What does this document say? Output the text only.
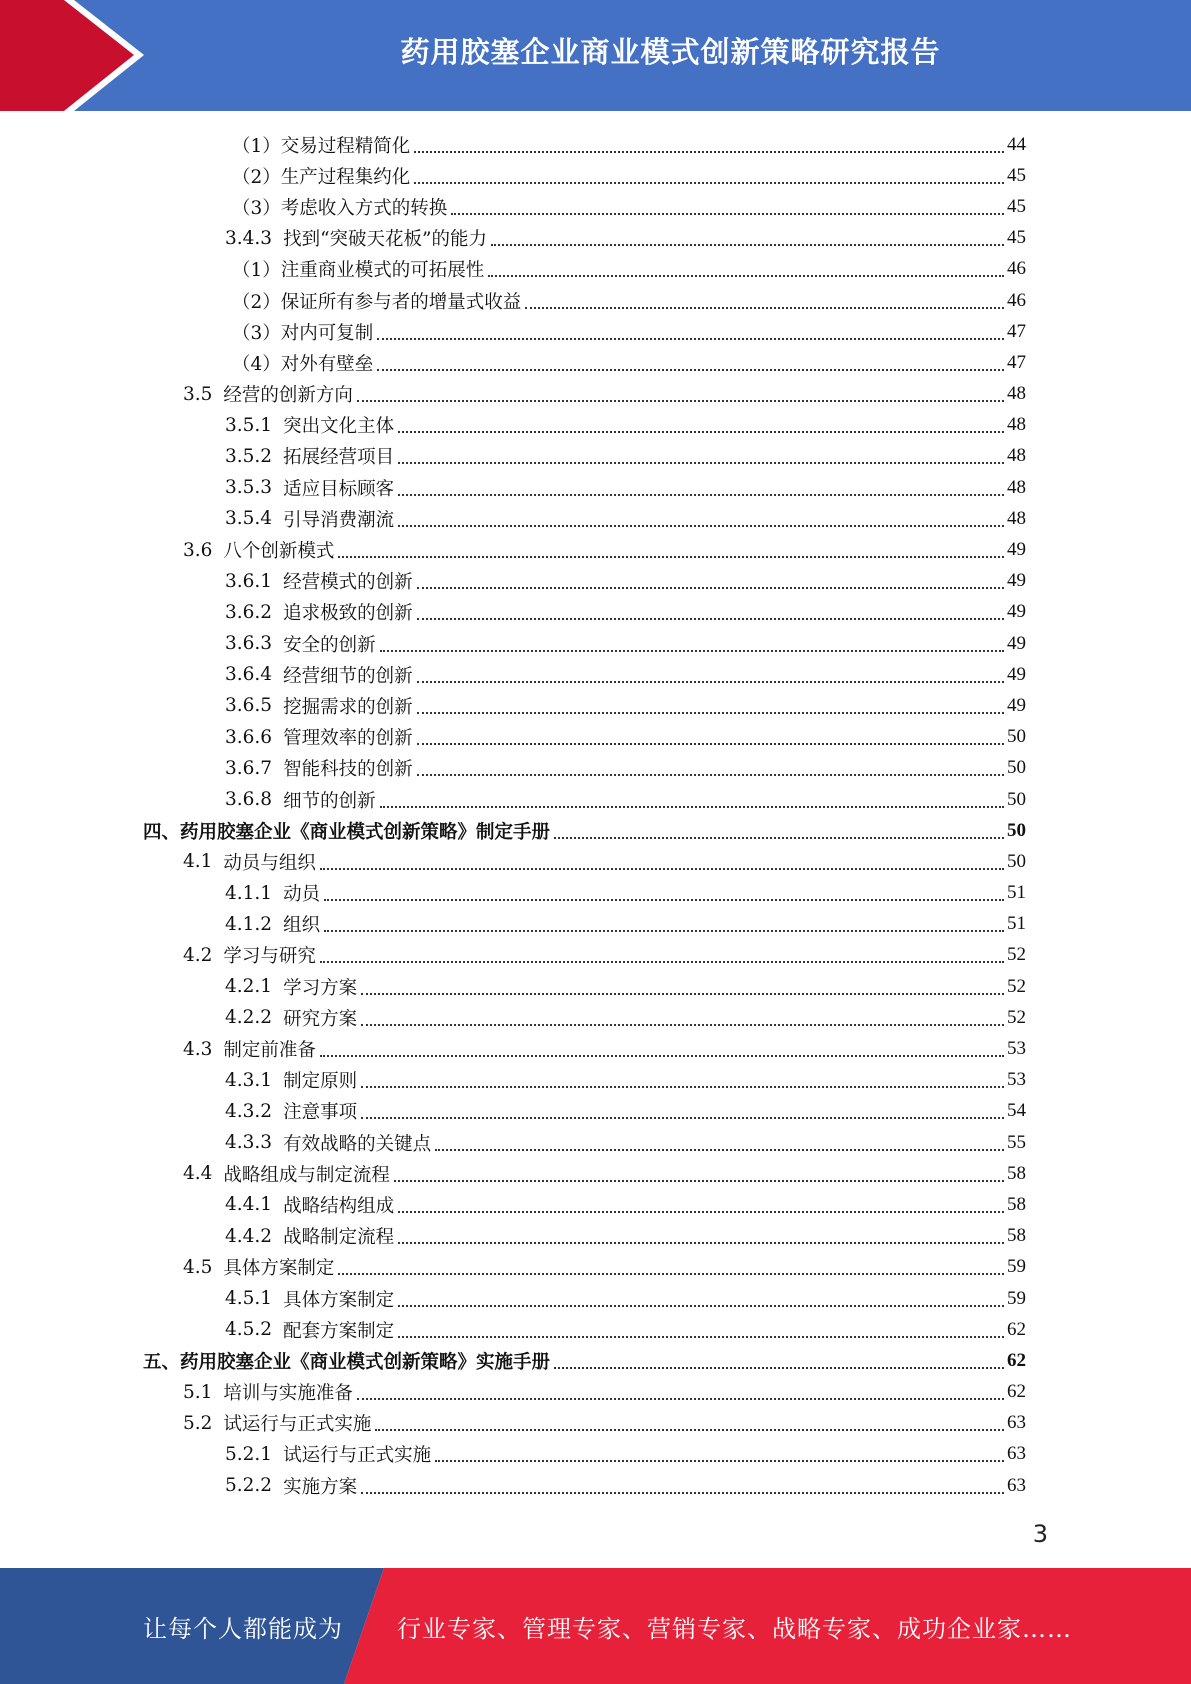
药用胶塞企业商业模式创新策略研究报告
（1） 交易过程精简化	44
（2） 生产过程集约化	45
（3） 考虑收入方式的转换	45
3.4.3 找到“突破天花板”的能力	45
（1） 注重商业模式的可拓展性	46
（2） 保证所有参与者的增量式收益	46
（3） 对内可复制	47
（4） 对外有壁垒	47
3.5 经营的创新方向	48
3.5.1 突出文化主体	48
3.5.2 拓展经营项目	48
3.5.3 适应目标顾客	48
3.5.4 引导消费潮流	48
3.6 八个创新模式	49
3.6.1 经营模式的创新	49
3.6.2 追求极致的创新	49
3.6.3 安全的创新	49
3.6.4 经营细节的创新	49
3.6.5 挖掘需求的创新	49
3.6.6 管理效率的创新	50
3.6.7 智能科技的创新	50
3.6.8 细节的创新	50
四、 药用胶塞企业《商业模式创新策略》制定手册	50
4.1 动员与组织	50
4.1.1 动员	51
4.1.2 组织	51
4.2 学习与研究	52
4.2.1 学习方案	52
4.2.2 研究方案	52
4.3 制定前准备	53
4.3.1 制定原则	53
4.3.2 注意事项	54
4.3.3 有效战略的关键点	55
4.4 战略组成与制定流程	58
4.4.1 战略结构组成	58
4.4.2 战略制定流程	58
4.5 具体方案制定	59
4.5.1 具体方案制定	59
4.5.2 配套方案制定	62
五、 药用胶塞企业《商业模式创新策略》实施手册	62
5.1 培训与实施准备	62
5.2 试运行与正式实施	63
5.2.1 试运行与正式实施	63
5.2.2 实施方案	63
3
让每个人都能成为 行业专家、管理专家、营销专家、战略专家、成功企业家……
